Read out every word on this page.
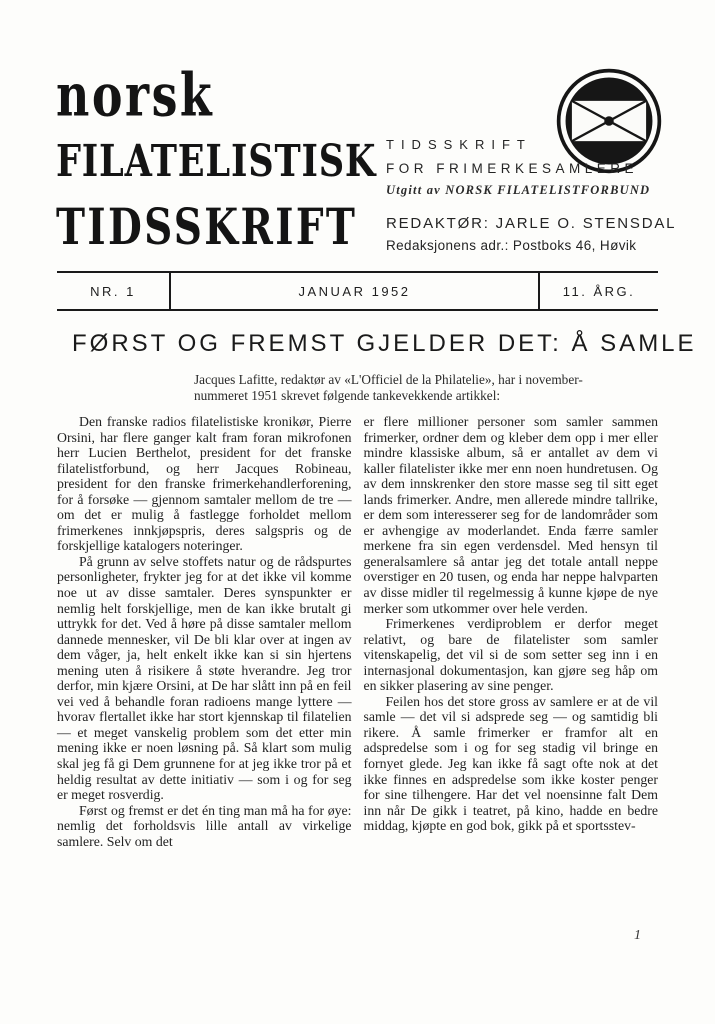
norsk
FILATELISTISK
TIDSSKRIFT
TIDSSKRIFT
FOR FRIMERKESAMLERE
Utgitt av NORSK FILATELISTFORBUND
REDAKTØR: JARLE O. STENSDAL
Redaksjonens adr.: Postboks 46, Høvik
NR. 1	JANUAR 1952	11. ÅRG.
FØRST OG FREMST GJELDER DET: Å SAMLE
Jacques Lafitte, redaktør av «L'Officiel de la Philatelie», har i november-
nummeret 1951 skrevet følgende tankevekkende artikkel:

Den franske radios filatelistiske kronikør, Pierre Orsini, har flere ganger kalt fram foran mikrofonen herr Lucien Berthelot, president for det franske filatelistforbund, og herr Jacques Robineau, president for den franske frimerkehandlerforening, for å forsøke — gjennom samtaler mellom de tre — om det er mulig å fastlegge forholdet mellom frimerkenes innkjøpspris, deres salgspris og de forskjellige katalogers noteringer.

På grunn av selve stoffets natur og de rådspurtes personligheter, frykter jeg for at det ikke vil komme noe ut av disse samtaler. Deres synspunkter er nemlig helt forskjellige, men de kan ikke brutalt gi uttrykk for det. Ved å høre på disse samtaler mellom dannede mennesker, vil De bli klar over at ingen av dem våger, ja, helt enkelt ikke kan si sin hjertens mening uten å risikere å støte hverandre. Jeg tror derfor, min kjære Orsini, at De har slått inn på en feil vei ved å behandle foran radioens mange lyttere — hvorav flertallet ikke har stort kjennskap til filatelien — et meget vanskelig problem som det etter min mening ikke er noen løsning på. Så klart som mulig skal jeg få gi Dem grunnene for at jeg ikke tror på et heldig resultat av dette initiativ — som i og for seg er meget rosverdig.

Først og fremst er det én ting man må ha for øye: nemlig det forholdsvis lille antall av virkelige samlere. Selv om det

er flere millioner personer som samler sammen frimerker, ordner dem og kleber dem opp i mer eller mindre klassiske album, så er antallet av dem vi kaller filatelister ikke mer enn noen hundretusen. Og av dem innskrenker den store masse seg til sitt eget lands frimerker. Andre, men allerede mindre tallrike, er dem som interesserer seg for de landområder som er avhengige av moderlandet. Enda færre samler merkene fra sin egen verdensdel. Med hensyn til generalsamlere så antar jeg det totale antall neppe overstiger en 20 tusen, og enda har neppe halvparten av disse midler til regelmessig å kunne kjøpe de nye merker som utkommer over hele verden.

Frimerkenes verdiproblem er derfor meget relativt, og bare de filatelister som samler vitenskapelig, det vil si de som setter seg inn i en internasjonal dokumentasjon, kan gjøre seg håp om en sikker plasering av sine penger.

Feilen hos det store gross av samlere er at de vil samle — det vil si adsprede seg — og samtidig bli rikere. Å samle frimerker er framfor alt en adspredelse som i og for seg stadig vil bringe en fornyet glede. Jeg kan ikke få sagt ofte nok at det ikke finnes en adspredelse som ikke koster penger for sine tilhengere. Har det vel noensinne falt Dem inn når De gikk i teatret, på kino, hadde en bedre middag, kjøpte en god bok, gikk på et sportsstev-

1
